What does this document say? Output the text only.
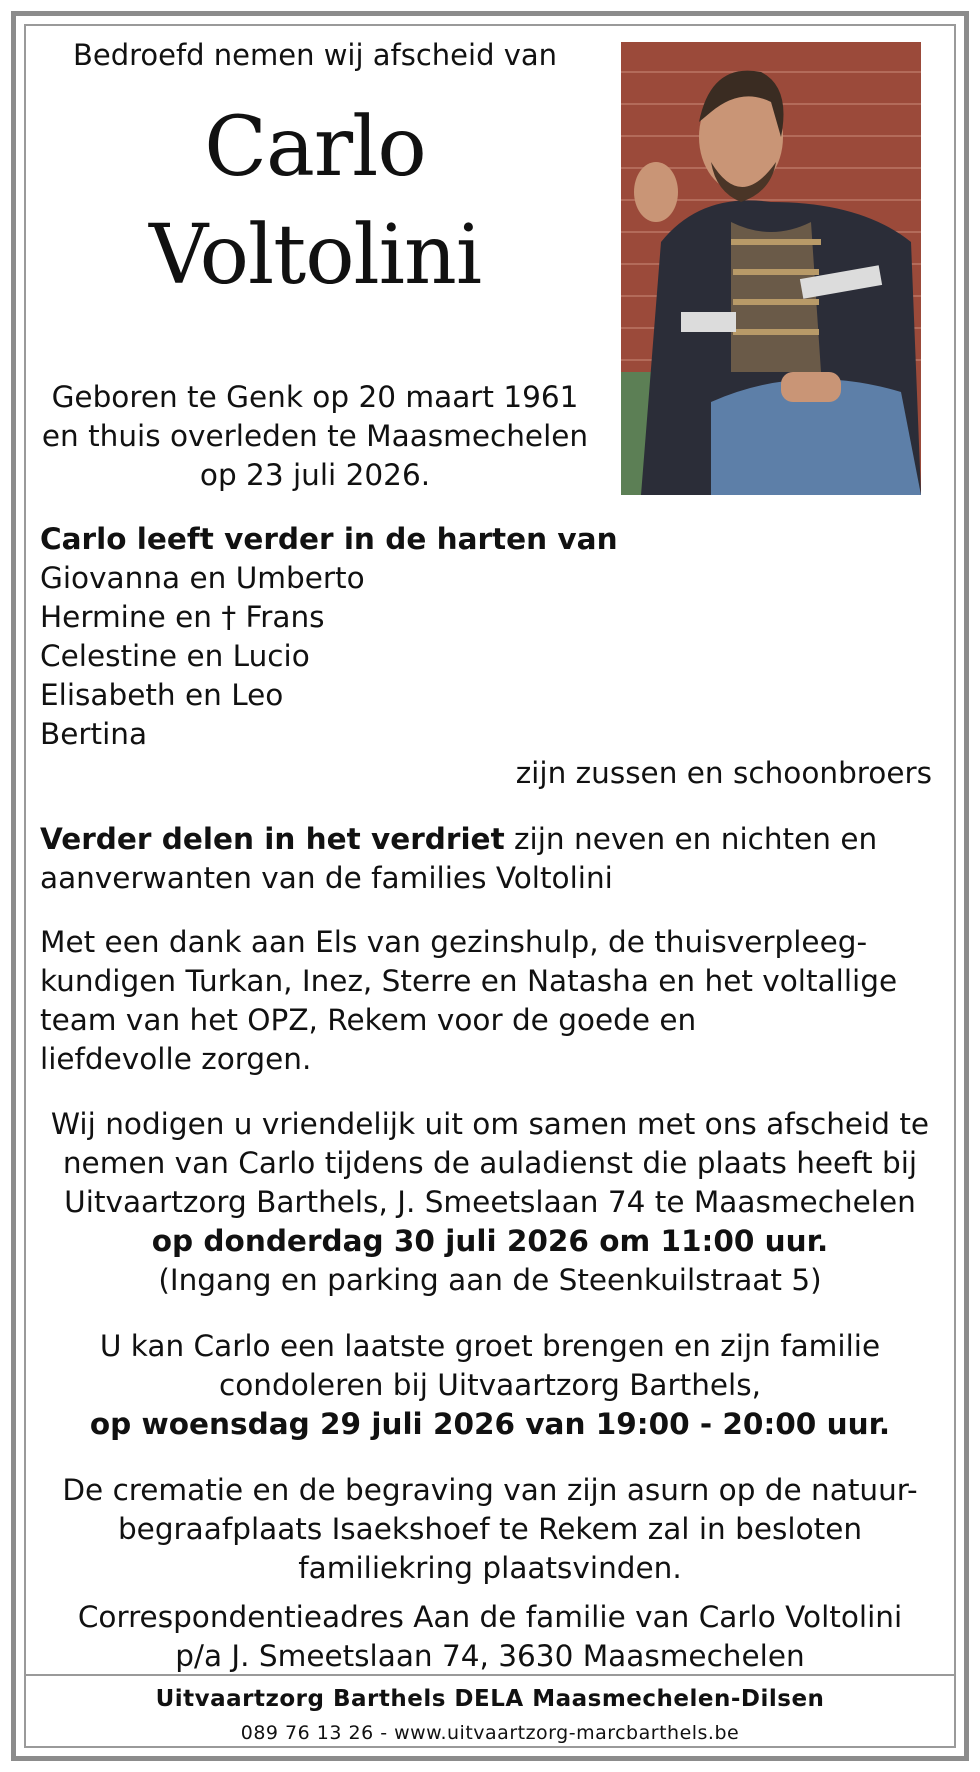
Bedroefd nemen wij afscheid van
Carlo
Voltolini
Geboren te Genk op 20 maart 1961
en thuis overleden te Maasmechelen
op 23 juli 2026.
Carlo leeft verder in de harten van
Giovanna en Umberto
Hermine en † Frans
Celestine en Lucio
Elisabeth en Leo
Bertina
zijn zussen en schoonbroers
Verder delen in het verdriet zijn neven en nichten en
aanverwanten van de families Voltolini
Met een dank aan Els van gezinshulp, de thuisverpleeg-
kundigen Turkan, Inez, Sterre en Natasha en het voltallige
team van het OPZ, Rekem voor de goede en
liefdevolle zorgen.
Wij nodigen u vriendelijk uit om samen met ons afscheid te
nemen van Carlo tijdens de auladienst die plaats heeft bij
Uitvaartzorg Barthels, J. Smeetslaan 74 te Maasmechelen
op donderdag 30 juli 2026 om 11:00 uur.
(Ingang en parking aan de Steenkuilstraat 5)
U kan Carlo een laatste groet brengen en zijn familie
condoleren bij Uitvaartzorg Barthels,
op woensdag 29 juli 2026 van 19:00 - 20:00 uur.
De crematie en de begraving van zijn asurn op de natuur-
begraafplaats Isaekshoef te Rekem zal in besloten
familiekring plaatsvinden.
Correspondentieadres Aan de familie van Carlo Voltolini
p/a J. Smeetslaan 74, 3630 Maasmechelen
Uitvaartzorg Barthels DELA Maasmechelen-Dilsen
089 76 13 26 - www.uitvaartzorg-marcbarthels.be
